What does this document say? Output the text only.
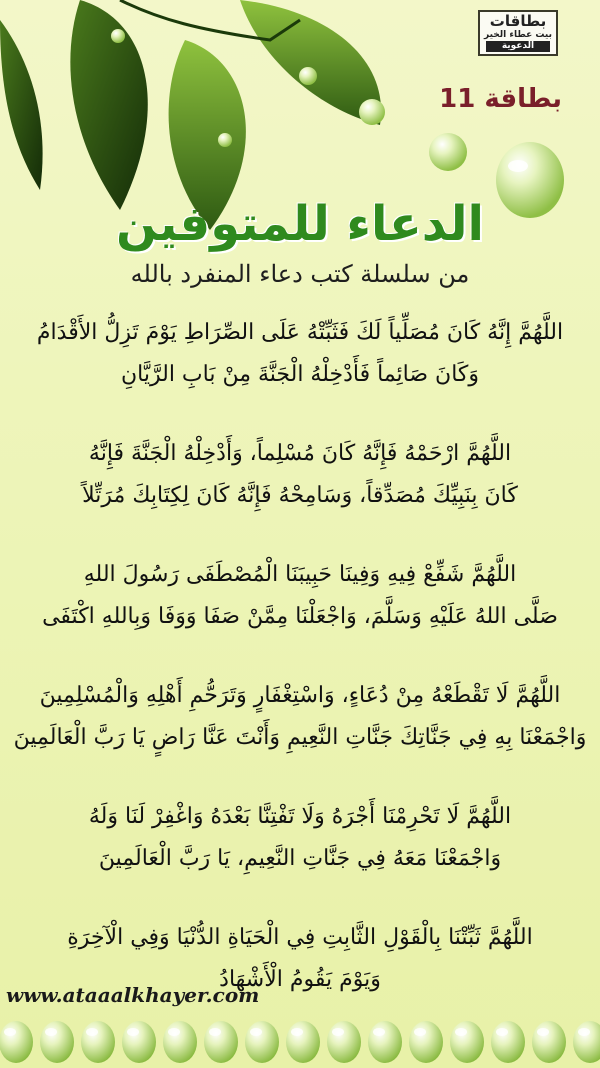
بطاقات
بيت عطاء الخير
الدعوية
بطاقة 11
الدعاء للمتوفين
من سلسلة كتب دعاء المنفرد بالله
اللَّهُمَّ إِنَّهُ كَانَ مُصَلِّياً لَكَ فَثَبِّتْهُ عَلَى الصِّرَاطِ يَوْمَ تَزِلُّ الأَقْدَامُ
وَكَانَ صَائِماً فَأَدْخِلْهُ الْجَنَّةَ مِنْ بَابِ الرَّيَّانِ
اللَّهُمَّ ارْحَمْهُ فَإِنَّهُ كَانَ مُسْلِماً، وَأَدْخِلْهُ الْجَنَّةَ فَإِنَّهُ
كَانَ بِنَبِيِّكَ مُصَدِّقاً، وَسَامِحْهُ فَإِنَّهُ كَانَ لِكِتَابِكَ مُرَتِّلاً
اللَّهُمَّ شَفِّعْ فِيهِ وَفِينَا حَبِيبَنَا الْمُصْطَفَى رَسُولَ اللهِ
صَلَّى اللهُ عَلَيْهِ وَسَلَّمَ، وَاجْعَلْنَا مِمَّنْ صَفَا وَوَفَا وَبِاللهِ اكْتَفَى
اللَّهُمَّ لَا تَقْطَعْهُ مِنْ دُعَاءٍ، وَاسْتِغْفَارٍ وَتَرَحُّمِ أَهْلِهِ وَالْمُسْلِمِينَ
وَاجْمَعْنَا بِهِ فِي جَنَّاتِكَ جَنَّاتِ النَّعِيمِ وَأَنْتَ عَنَّا رَاضٍ يَا رَبَّ الْعَالَمِينَ
اللَّهُمَّ لَا تَحْرِمْنَا أَجْرَهُ وَلَا تَفْتِنَّا بَعْدَهُ وَاغْفِرْ لَنَا وَلَهُ
وَاجْمَعْنَا مَعَهُ فِي جَنَّاتِ النَّعِيمِ، يَا رَبَّ الْعَالَمِينَ
اللَّهُمَّ ثَبِّتْنَا بِالْقَوْلِ الثَّابِتِ فِي الْحَيَاةِ الدُّنْيَا وَفِي الْآخِرَةِ
وَيَوْمَ يَقُومُ الْأَشْهَادُ
www.ataaalkhayer.com
